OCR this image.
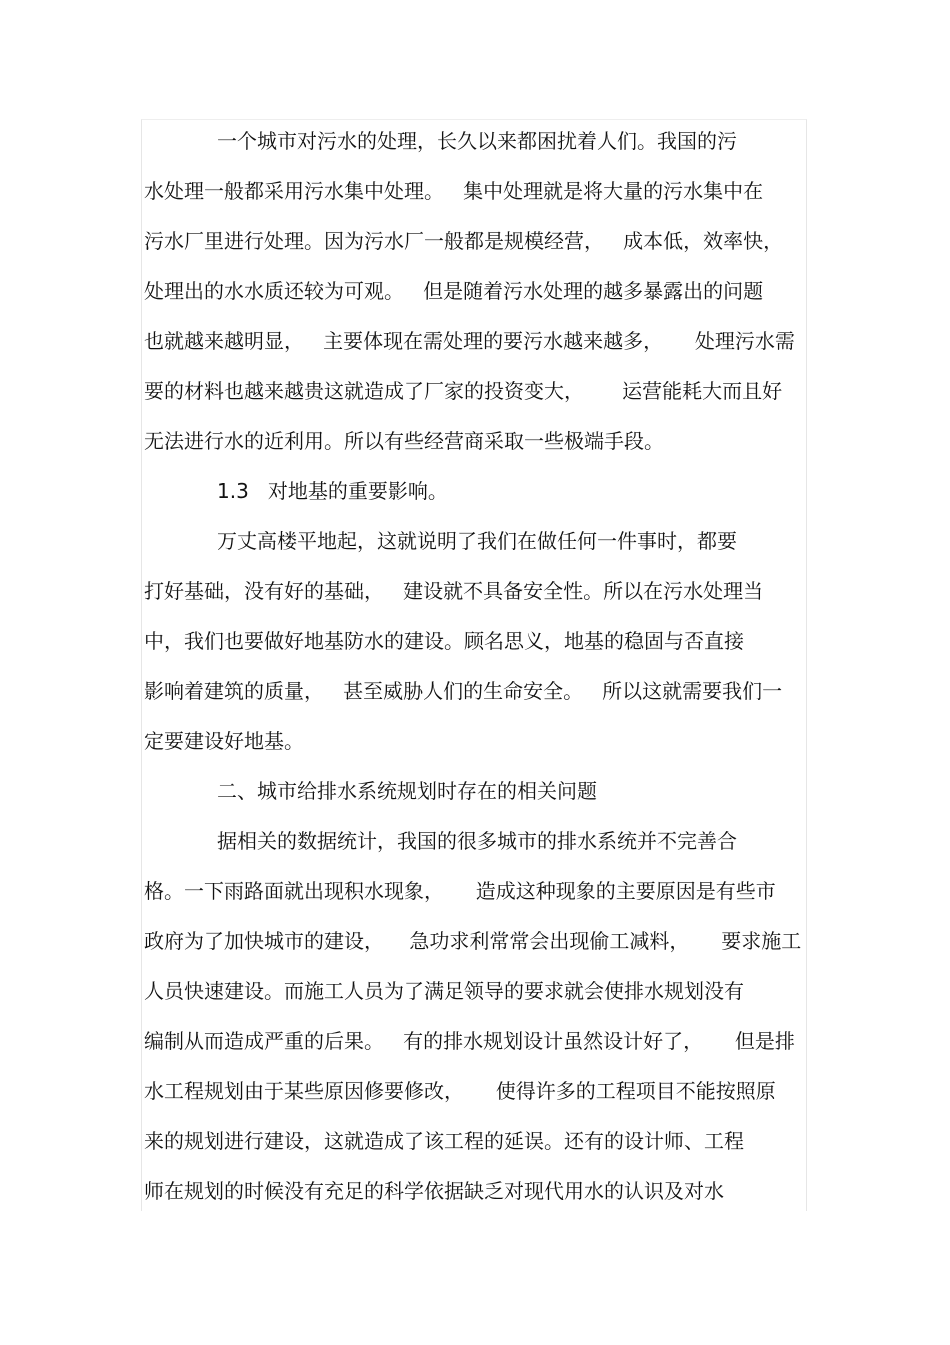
一个城市对污水的处理，长久以来都困扰着人们。我国的污
水处理一般都采用污水集中处理。   集中处理就是将大量的污水集中在
污水厂里进行处理。因为污水厂一般都是规模经营，   成本低，效率快，
处理出的水水质还较为可观。   但是随着污水处理的越多暴露出的问题
也就越来越明显，   主要体现在需处理的要污水越来越多，     处理污水需
要的材料也越来越贵这就造成了厂家的投资变大，      运营能耗大而且好
无法进行水的近利用。所以有些经营商采取一些极端手段。
1.3   对地基的重要影响。
万丈高楼平地起，这就说明了我们在做任何一件事时，都要
打好基础，没有好的基础，   建设就不具备安全性。所以在污水处理当
中，我们也要做好地基防水的建设。顾名思义，地基的稳固与否直接
影响着建筑的质量，   甚至威胁人们的生命安全。   所以这就需要我们一
定要建设好地基。
二、城市给排水系统规划时存在的相关问题
据相关的数据统计，我国的很多城市的排水系统并不完善合
格。一下雨路面就出现积水现象，     造成这种现象的主要原因是有些市
政府为了加快城市的建设，    急功求利常常会出现偷工减料，     要求施工
人员快速建设。而施工人员为了满足领导的要求就会使排水规划没有
编制从而造成严重的后果。   有的排水规划设计虽然设计好了，     但是排
水工程规划由于某些原因修要修改，     使得许多的工程项目不能按照原
来的规划进行建设，这就造成了该工程的延误。还有的设计师、工程
师在规划的时候没有充足的科学依据缺乏对现代用水的认识及对水
